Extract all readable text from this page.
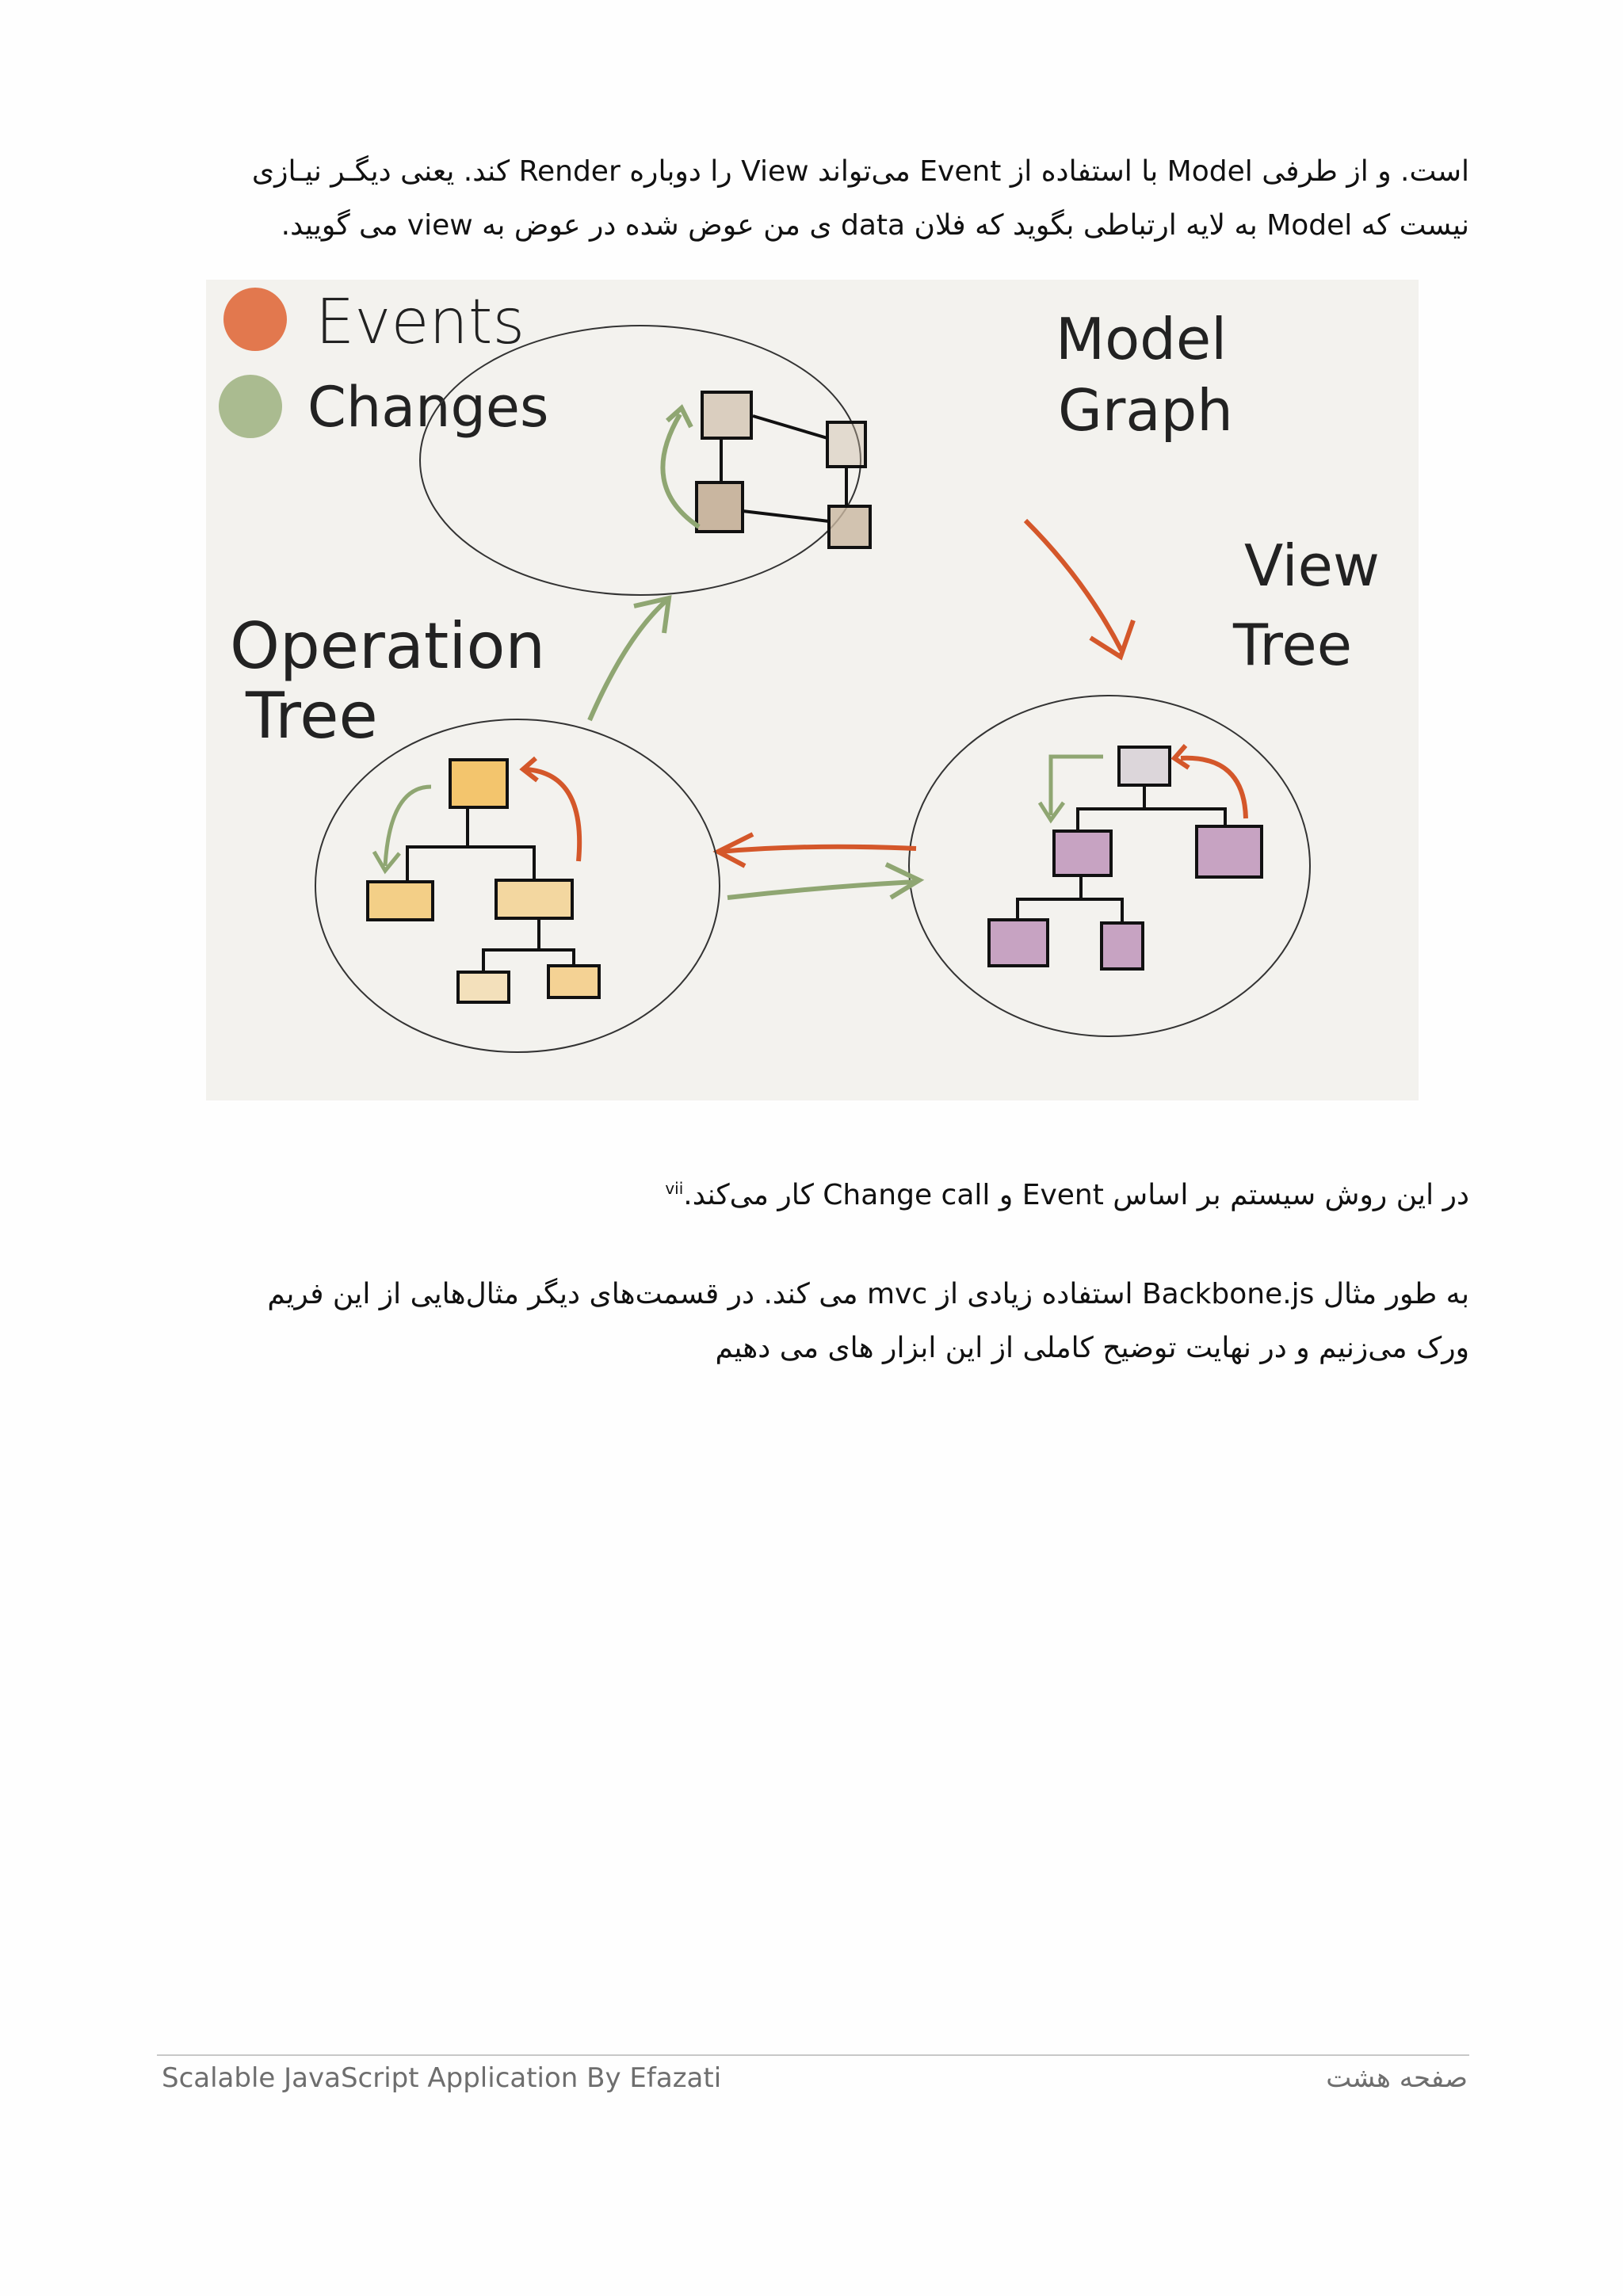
است. و از طرفی Model با استفاده از Event می‌تواند View را دوباره Render کند. یعنی‌ دیگـر نیـازی

نیست که Model به لایه ارتباطی بگوید که فلان data ی من عوض شده در عوض به view می گویید.

Events
Changes
Model
Graph
View
Tree
Operation
Tree

در این روش سیستم بر اساس Event و Change call کار می‌کند.$^{vii}$

به طور مثال Backbone.js استفاده زیادی از mvc می کند. در قسمت‌های دیگر مثال‌هایی از این فریم

ورک می‌زنیم و در نهایت توضیح کاملی از این ابزار های می دهیم

Scalable JavaScript Application By Efazati	صفحه هشت
